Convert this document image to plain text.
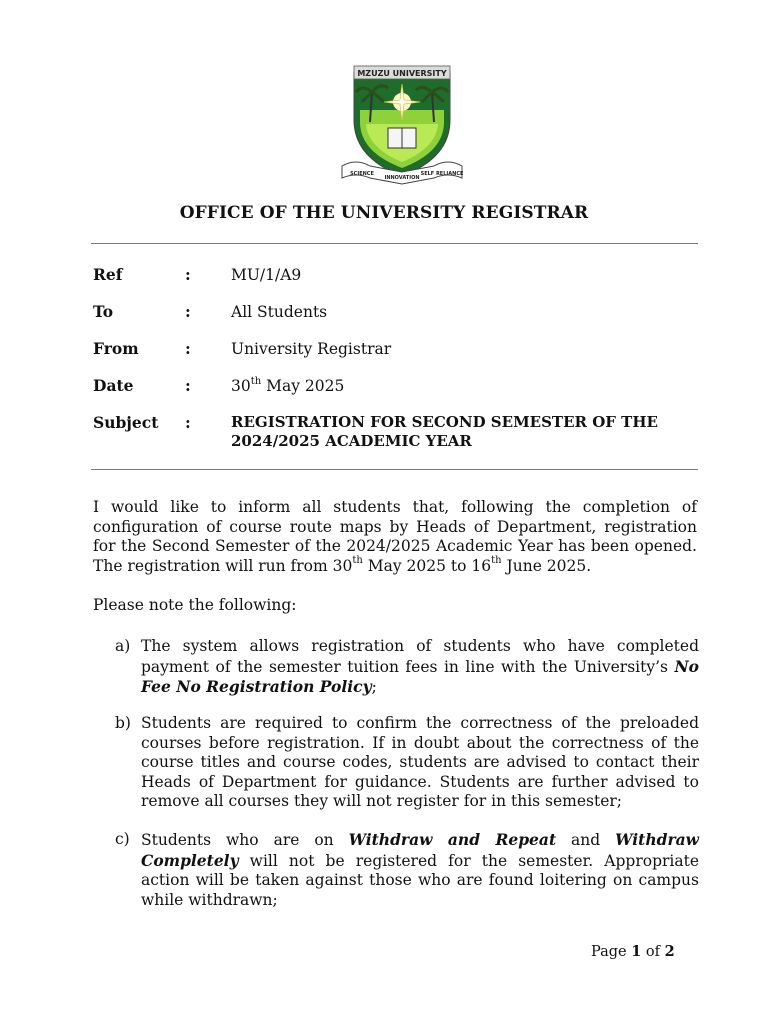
MZUZU UNIVERSITY
SCIENCE
INNOVATION
SELF RELIANCE
OFFICE OF THE UNIVERSITY REGISTRAR
Ref	:	MU/1/A9
To	:	All Students
From	:	University Registrar
Date	:	30th May 2025
Subject :	REGISTRATION FOR SECOND SEMESTER OF THE
2024/2025 ACADEMIC YEAR

I would like to inform all students that, following the completion of configuration of course route maps by Heads of Department, registration for the Second Semester of the 2024/2025 Academic Year has been opened. The registration will run from 30th May 2025 to 16th June 2025.

Please note the following:

a) The system allows registration of students who have completed payment of the semester tuition fees in line with the University’s No Fee No Registration Policy;
b) Students are required to confirm the correctness of the preloaded courses before registration. If in doubt about the correctness of the course titles and course codes, students are advised to contact their Heads of Department for guidance. Students are further advised to remove all courses they will not register for in this semester;
c) Students who are on Withdraw and Repeat and Withdraw Completely will not be registered for the semester. Appropriate action will be taken against those who are found loitering on campus while withdrawn;
Page 1 of 2
